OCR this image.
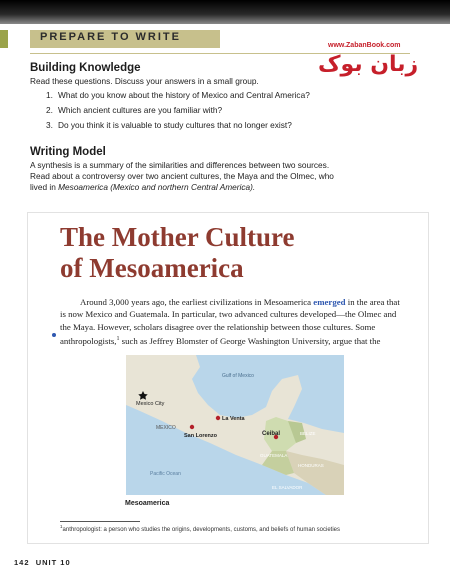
PREPARE TO WRITE
www.ZabanBook.com
زبان بوک
Building Knowledge
Read these questions. Discuss your answers in a small group.
1. What do you know about the history of Mexico and Central America?
2. Which ancient cultures are you familiar with?
3. Do you think it is valuable to study cultures that no longer exist?
Writing Model
A synthesis is a summary of the similarities and differences between two sources.
Read about a controversy over two ancient cultures, the Maya and the Olmec, who
lived in Mesoamerica (Mexico and northern Central America).
The Mother Culture
of Mesoamerica
Around 3,000 years ago, the earliest civilizations in Mesoamerica emerged in the area that is now Mexico and Guatemala. In particular, two advanced cultures developed—the Olmec and the Maya. However, scholars disagree over the relationship between those cultures. Some anthropologists,$^1$ such as Jeffrey Blomster of George Washington University, argue that the
Gulf of Mexico
Mexico City
La Venta
MEXICO
San Lorenzo	Ceibal	BELIZE
GUATEMALA
HONDURAS
EL SALVADOR
Pacific Ocean
Mesoamerica
$^1$anthropologist: a person who studies the origins, developments, customs, and beliefs of human societies
142 UNIT 10
